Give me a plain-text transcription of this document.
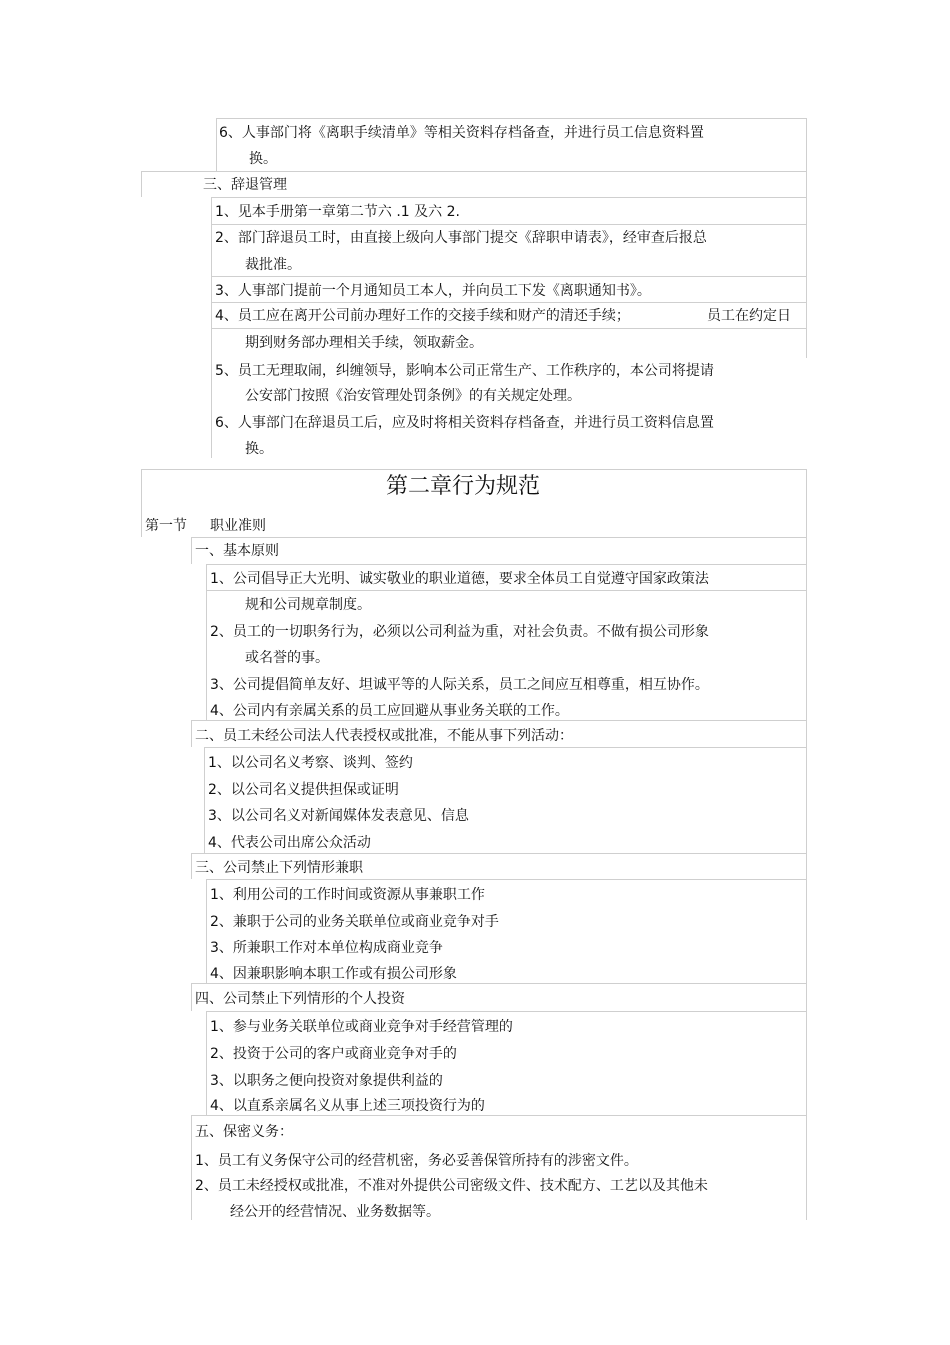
6、人事部门将《离职手续清单》等相关资料存档备查，并进行员工信息资料置
换。
三、辞退管理
1、见本手册第一章第二节六 .1 及六 2.
2、部门辞退员工时，由直接上级向人事部门提交《辞职申请表》，经审查后报总
裁批准。
3、人事部门提前一个月通知员工本人，并向员工下发《离职通知书》。
4、员工应在离开公司前办理好工作的交接手续和财产的清还手续；	员工在约定日
期到财务部办理相关手续，领取薪金。
5、员工无理取闹，纠缠领导，影响本公司正常生产、工作秩序的，本公司将提请
公安部门按照《治安管理处罚条例》的有关规定处理。
6、人事部门在辞退员工后，应及时将相关资料存档备查，并进行员工资料信息置
换。
第二章行为规范
第一节 职业准则
一、基本原则
1、公司倡导正大光明、诚实敬业的职业道德，要求全体员工自觉遵守国家政策法
规和公司规章制度。
2、员工的一切职务行为，必须以公司利益为重，对社会负责。不做有损公司形象
或名誉的事。
3、公司提倡简单友好、坦诚平等的人际关系，员工之间应互相尊重，相互协作。
4、公司内有亲属关系的员工应回避从事业务关联的工作。
二、员工未经公司法人代表授权或批准，不能从事下列活动：
1、以公司名义考察、谈判、签约
2、以公司名义提供担保或证明
3、以公司名义对新闻媒体发表意见、信息
4、代表公司出席公众活动
三、公司禁止下列情形兼职
1、利用公司的工作时间或资源从事兼职工作
2、兼职于公司的业务关联单位或商业竞争对手
3、所兼职工作对本单位构成商业竞争
4、因兼职影响本职工作或有损公司形象
四、公司禁止下列情形的个人投资
1、参与业务关联单位或商业竞争对手经营管理的
2、投资于公司的客户或商业竞争对手的
3、以职务之便向投资对象提供利益的
4、以直系亲属名义从事上述三项投资行为的
五、保密义务：
1、员工有义务保守公司的经营机密，务必妥善保管所持有的涉密文件。
2、员工未经授权或批准，不准对外提供公司密级文件、技术配方、工艺以及其他未
经公开的经营情况、业务数据等。
